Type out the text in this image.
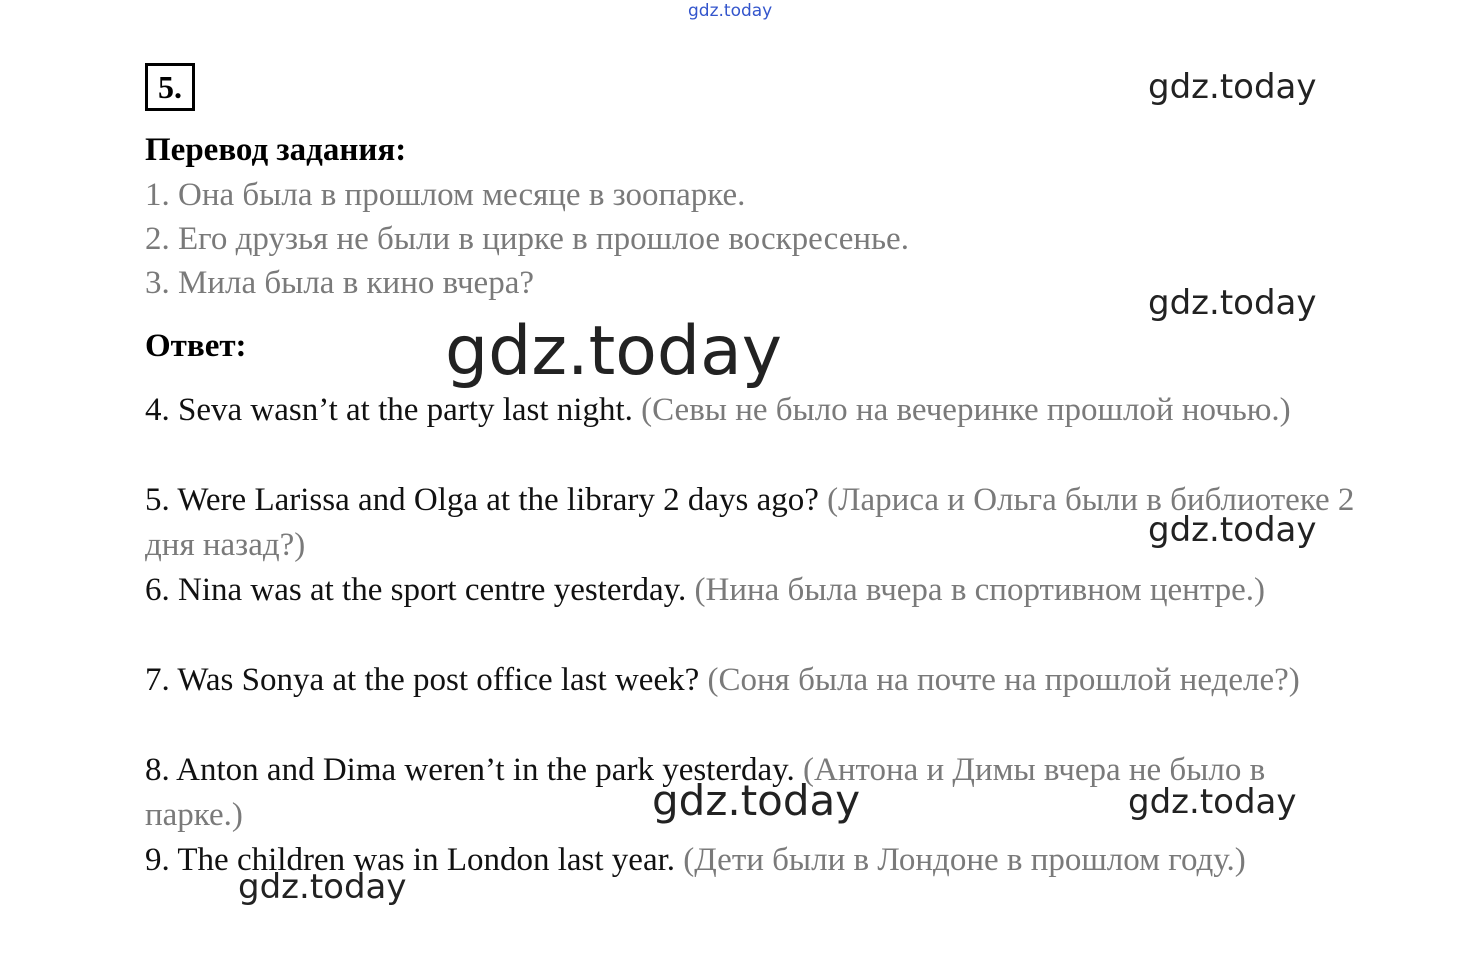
gdz.today
gdz.today
gdz.today
gdz.today
gdz.today
5.
Перевод задания:
1. Она была в прошлом месяце в зоопарке.
2. Его друзья не были в цирке в прошлое воскресенье.
3. Мила была в кино вчера?
Ответ:
4. Seva wasn’t at the party last night. (Севы не было на вечеринке прошлой ночью.)
5. Were Larissa and Olga at the library 2 days ago? (Лариса и Ольга были в библиотеке 2 дня назад?)
6. Nina was at the sport centre yesterday. (Нина была вчера в спортивном центре.)
7. Was Sonya at the post office last week? (Соня была на почте на прошлой неделе?)
8. Anton and Dima weren’t in the park yesterday. (Антона и Димы вчера не было в парке.)
9. The children was in London last year. (Дети были в Лондоне в прошлом году.)
gdz.today
gdz.today
gdz.today
